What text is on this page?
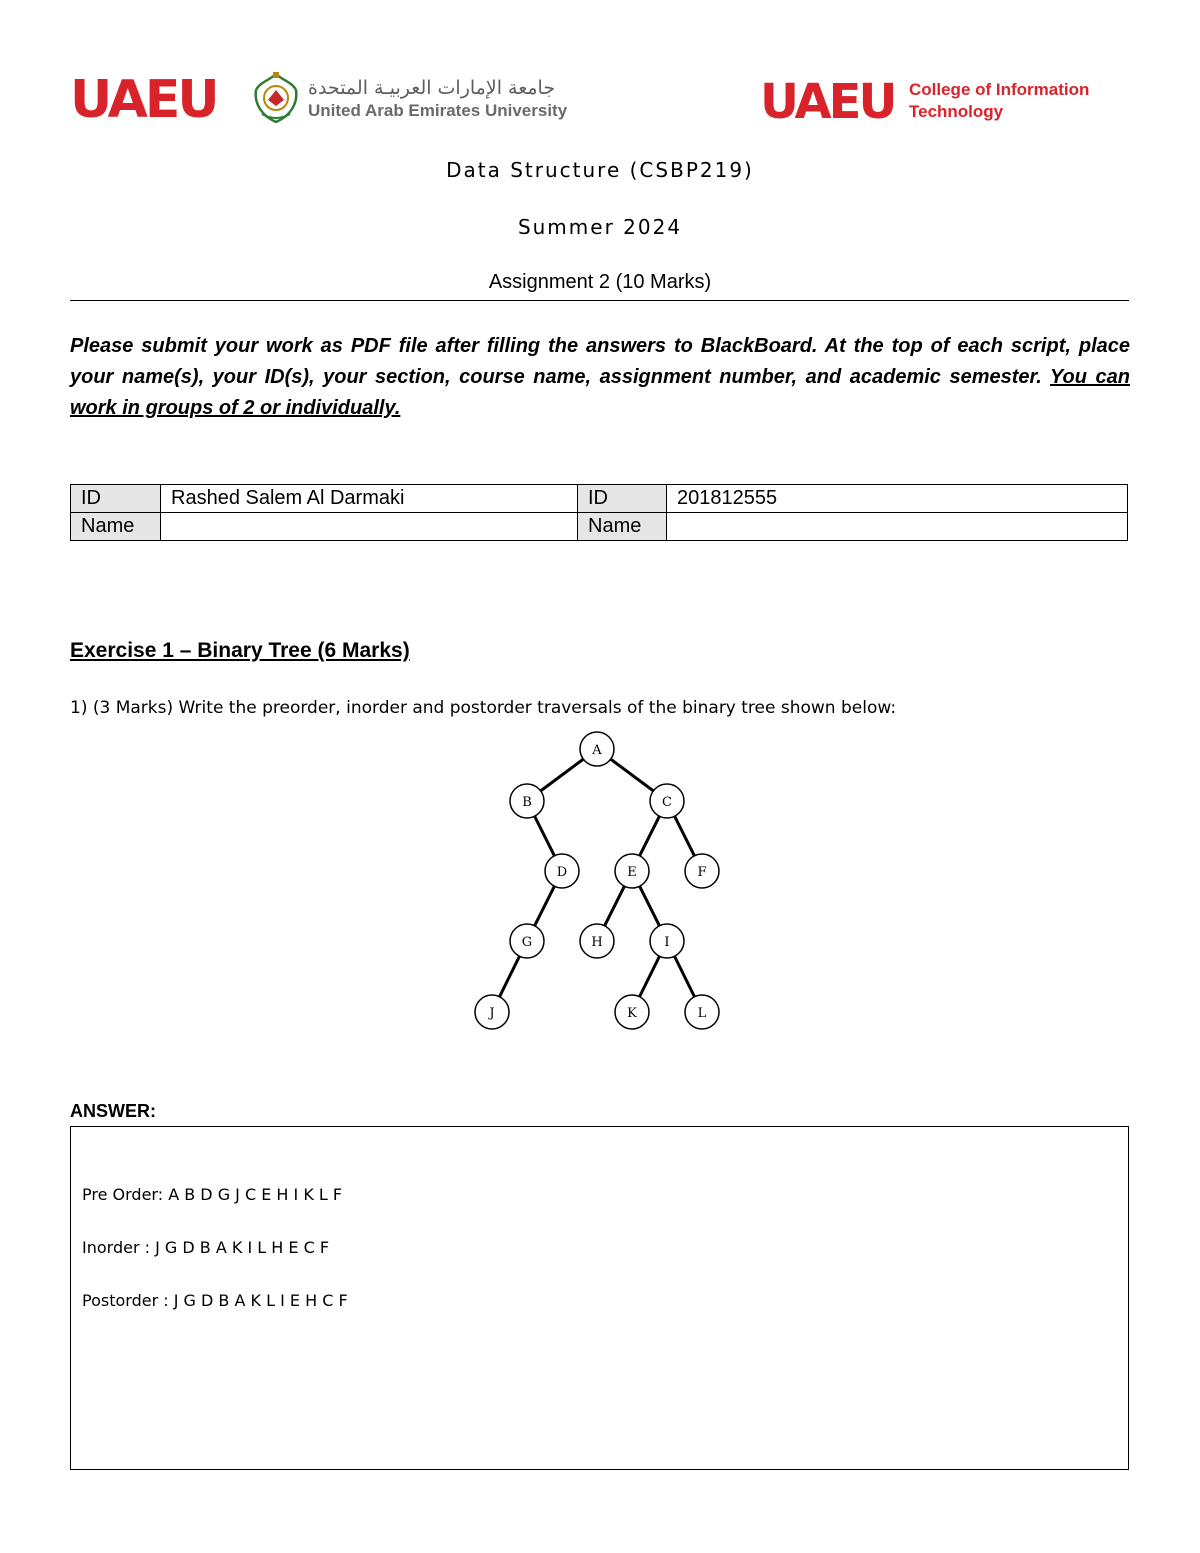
UAEU	جامعة الإمارات العربيـة المتحدة
United Arab Emirates University	UAEU College of Information
Technology
Data Structure (CSBP219)
Summer 2024
Assignment 2 (10 Marks)
Please submit your work as PDF file after filling the answers to BlackBoard. At the top of each script, place your name(s), your ID(s), your section, course name, assignment number, and academic semester. You can work in groups of 2 or individually.
ID	Rashed Salem Al Darmaki	ID	201812555
Name		Name	
Exercise 1 – Binary Tree (6 Marks)
1) (3 Marks) Write the preorder, inorder and postorder traversals of the binary tree shown below:
A
B	C
D	E	F
G	H	I
J	K	L
ANSWER:
Pre Order: A B D G J C E H I K L F
Inorder : J G D B A K I L H E C F
Postorder : J G D B A K L I E H C F
